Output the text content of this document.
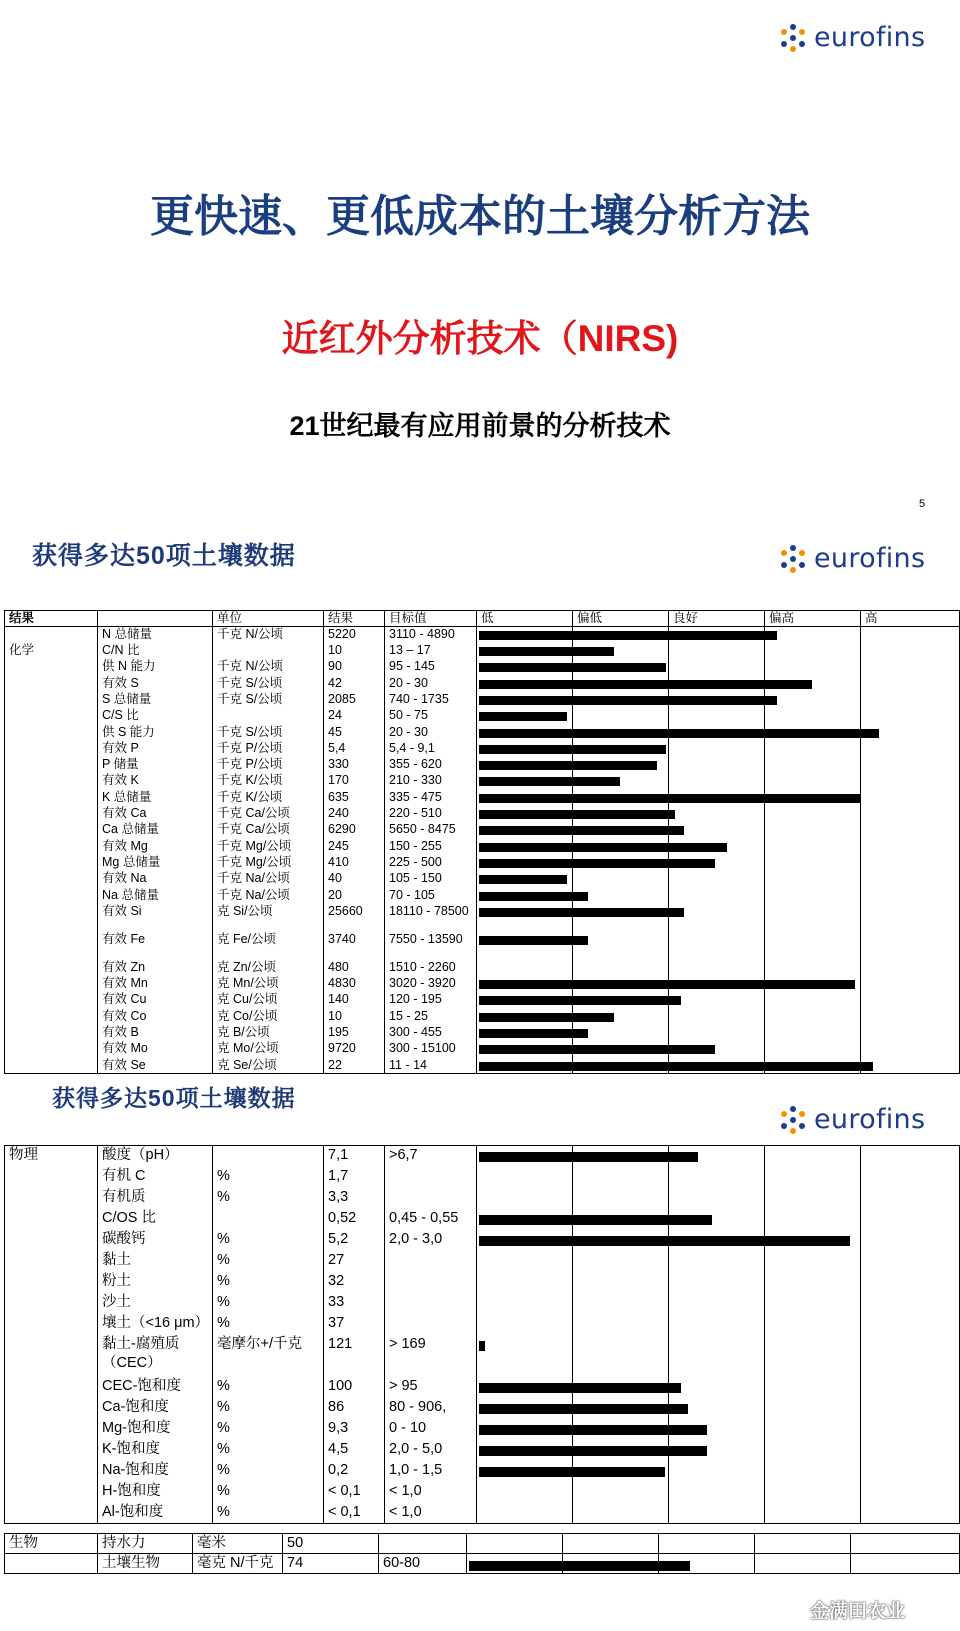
eurofins
更快速、更低成本的土壤分析方法
近红外分析技术（NIRS)
21世纪最有应用前景的分析技术
5
获得多达50项土壤数据	eurofins
结果		单位	结果	目标值	低	偏低	良好	偏高	高
	N 总储量	千克 N/公顷	5220	3110 - 4890	

化学	C/N 比		10	13 – 17	

	供 N 能力	千克 N/公顷	90	95 - 145	

	有效 S	千克 S/公顷	42	20 - 30	

	S 总储量	千克 S/公顷	2085	740 - 1735	

	C/S 比		24	50 - 75	

	供 S 能力	千克 S/公顷	45	20 - 30	

	有效 P	千克 P/公顷	5,4	5,4 - 9,1	

	P 储量	千克 P/公顷	330	355 - 620	

	有效 K	千克 K/公顷	170	210 - 330	

	K 总储量	千克 K/公顷	635	335 - 475	

	有效 Ca	千克 Ca/公顷	240	220 - 510	

	Ca 总储量	千克 Ca/公顷	6290	5650 - 8475	

	有效 Mg	千克 Mg/公顷	245	150 - 255	

	Mg 总储量	千克 Mg/公顷	410	225 - 500	

	有效 Na	千克 Na/公顷	40	105 - 150	

	Na 总储量	千克 Na/公顷	20	70 - 105	

	有效 Si	克 Si/公顷	25660	18110 - 78500	

	有效 Fe	克 Fe/公顷	3740	7550 - 13590	

	有效 Zn	克 Zn/公顷	480	1510 - 2260					
	有效 Mn	克 Mn/公顷	4830	3020 - 3920	

	有效 Cu	克 Cu/公顷	140	120 - 195	

	有效 Co	克 Co/公顷	10	15 - 25	

	有效 B	克 B/公顷	195	300 - 455	

	有效 Mo	克 Mo/公顷	9720	300 - 15100	

	有效 Se	克 Se/公顷	22	11 - 14	

获得多达50项土壤数据
eurofins
物理	酸度（pH）		7,1	>6,7	

	有机 C	%	1,7						
	有机质	%	3,3						
	C/OS 比		0,52	0,45 - 0,55	

	碳酸钙	%	5,2	2,0 - 3,0	

	黏土	%	27						
	粉土	%	32						
	沙土	%	33						
	壤土（<16 μm）	%	37						
	黏土-腐殖质（CEC）	毫摩尔+/千克	121	> 169	

	CEC-饱和度	%	100	> 95	

	Ca-饱和度	%	86	80 - 906,	

	Mg-饱和度	%	9,3	0 - 10	

	K-饱和度	%	4,5	2,0 - 5,0	

	Na-饱和度	%	0,2	1,0 - 1,5	

	H-饱和度	%	< 0,1	< 1,0					
	Al-饱和度	%	< 0,1	< 1,0					
生物	持水力	毫米	50						
	土壤生物	毫克 N/千克	74	60-80	

金满田农业
